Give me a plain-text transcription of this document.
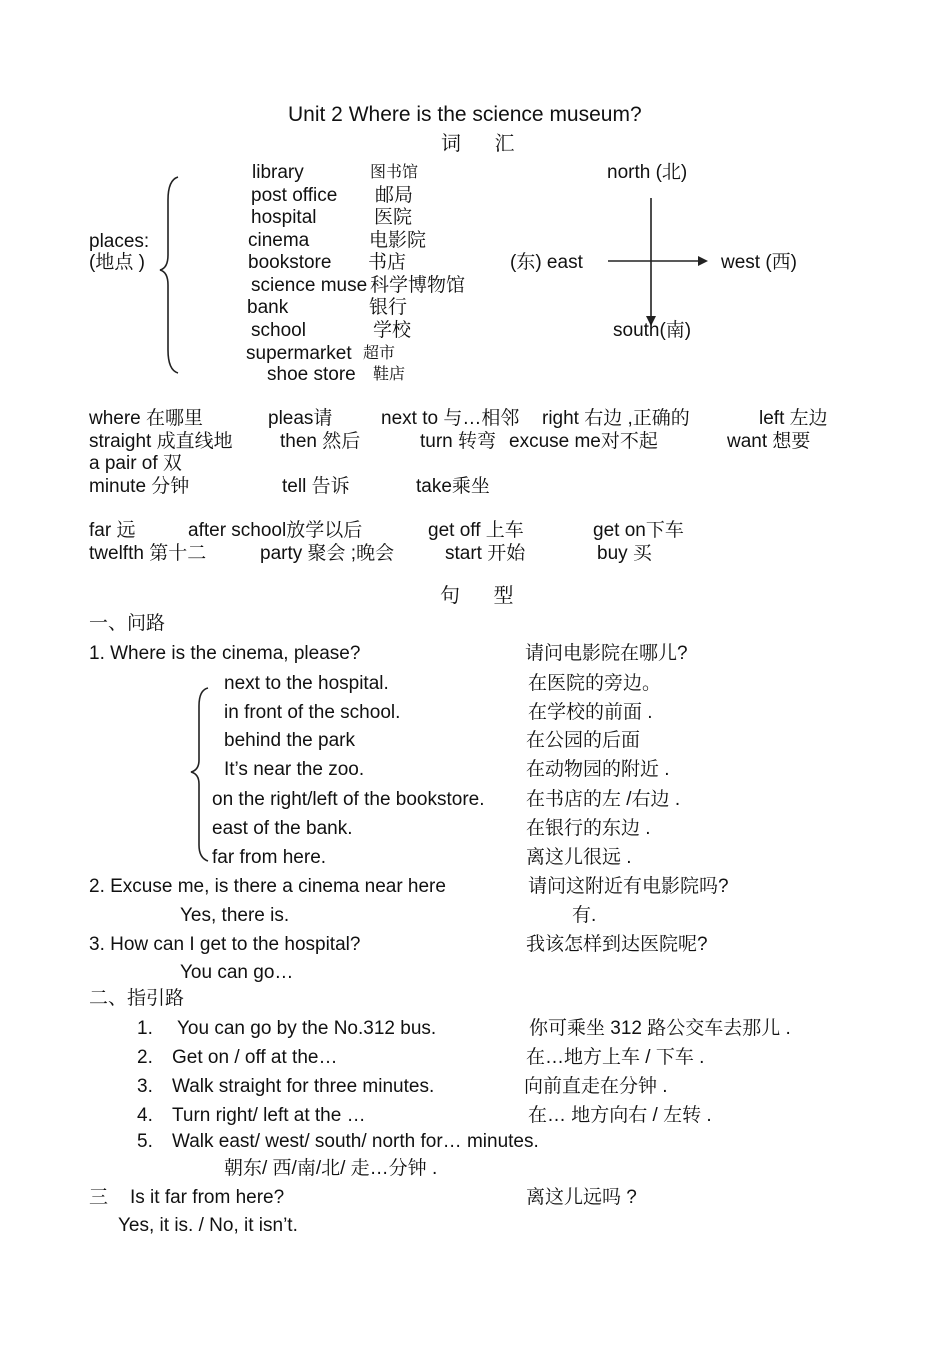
Unit 2 Where is the science museum?
词 汇
places:
(地点 )
library	图书馆
post office 邮局
hospital	医院
cinema	电影院
bookstore 书店
science muse 科学博物馆
bank	银行
school	学校
supermarket 超市
shoe store 鞋店
north (北)
(东) east	west (西)
south(南)
where 在哪里	pleas请	next to 与…相邻 right 右边 ,正确的	left 左边
straight 成直线地 then 然后	turn 转弯 excuse me对不起	want 想要
a pair of 双
minute 分钟	tell 告诉	take乘坐
far 远	after school放学以后	get off 上车	get on下车
twelfth 第十二	party 聚会 ;晚会	start 开始	buy 买
句 型
一、问路
1. Where is the cinema, please?	请问电影院在哪儿?
next to the hospital.	在医院的旁边。
in front of the school.	在学校的前面 .
behind the park	在公园的后面
It’s near the zoo.	在动物园的附近 .
on the right/left of the bookstore. 在书店的左 /右边 .
east of the bank.	在银行的东边 .
far from here.	离这儿很远 .
2. Excuse me, is there a cinema near here	请问这附近有电影院吗?
Yes, there is.	有.
3. How can I get to the hospital?	我该怎样到达医院呢?
You can go…
二、指引路
1. You can go by the No.312 bus.	你可乘坐 312 路公交车去那儿 .
2. Get on / off at the…	在…地方上车 / 下车 .
3. Walk straight for three minutes.	向前直走在分钟 .
4. Turn right/ left at the …	在… 地方向右 / 左转 .
5. Walk east/ west/ south/ north for… minutes.
朝东/ 西/南/北/ 走…分钟 .
三 Is it far from here?	离这儿远吗 ?
Yes, it is. / No, it isn’t.
